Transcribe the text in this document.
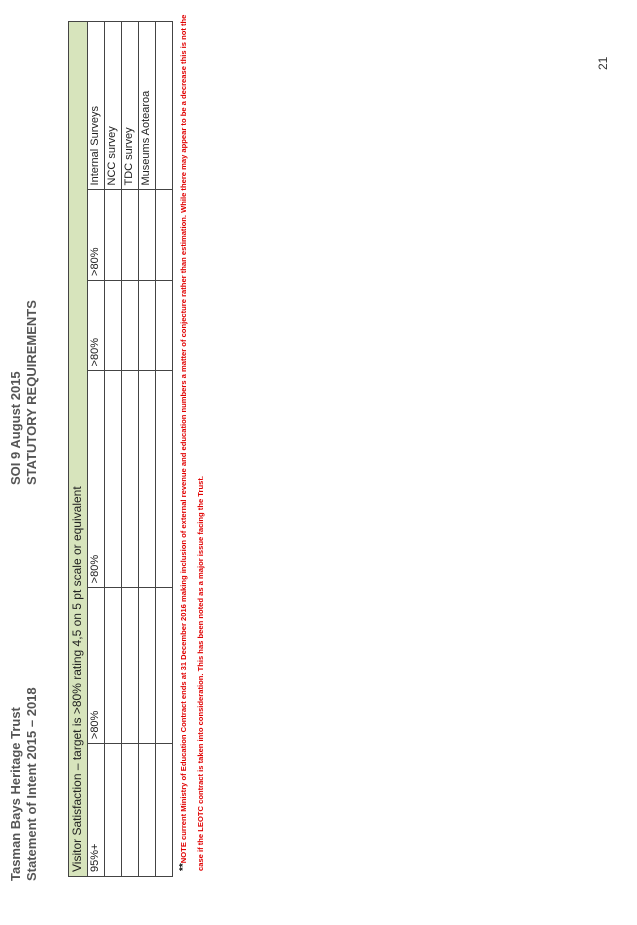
Tasman Bays Heritage Trust Statement of Intent 2015 – 2018
SOI 9 August 2015 STATUTORY REQUIREMENTS
Visitor Satisfaction – target is >80% rating 4,5 on 5 pt scale or equivalent					
95%+	>80%	>80%	>80%	>80%	Internal Surveys
					NCC survey
					TDC survey
					Museums Aotearoa

**NOTE current Ministry of Education Contract ends at 31 December 2016 making inclusion of external revenue and education numbers a matter of conjecture rather than estimation. While there may appear to be a decrease this is not the case if the LEOTC contract is taken into consideration. This has been noted as a major issue facing the Trust.
21
